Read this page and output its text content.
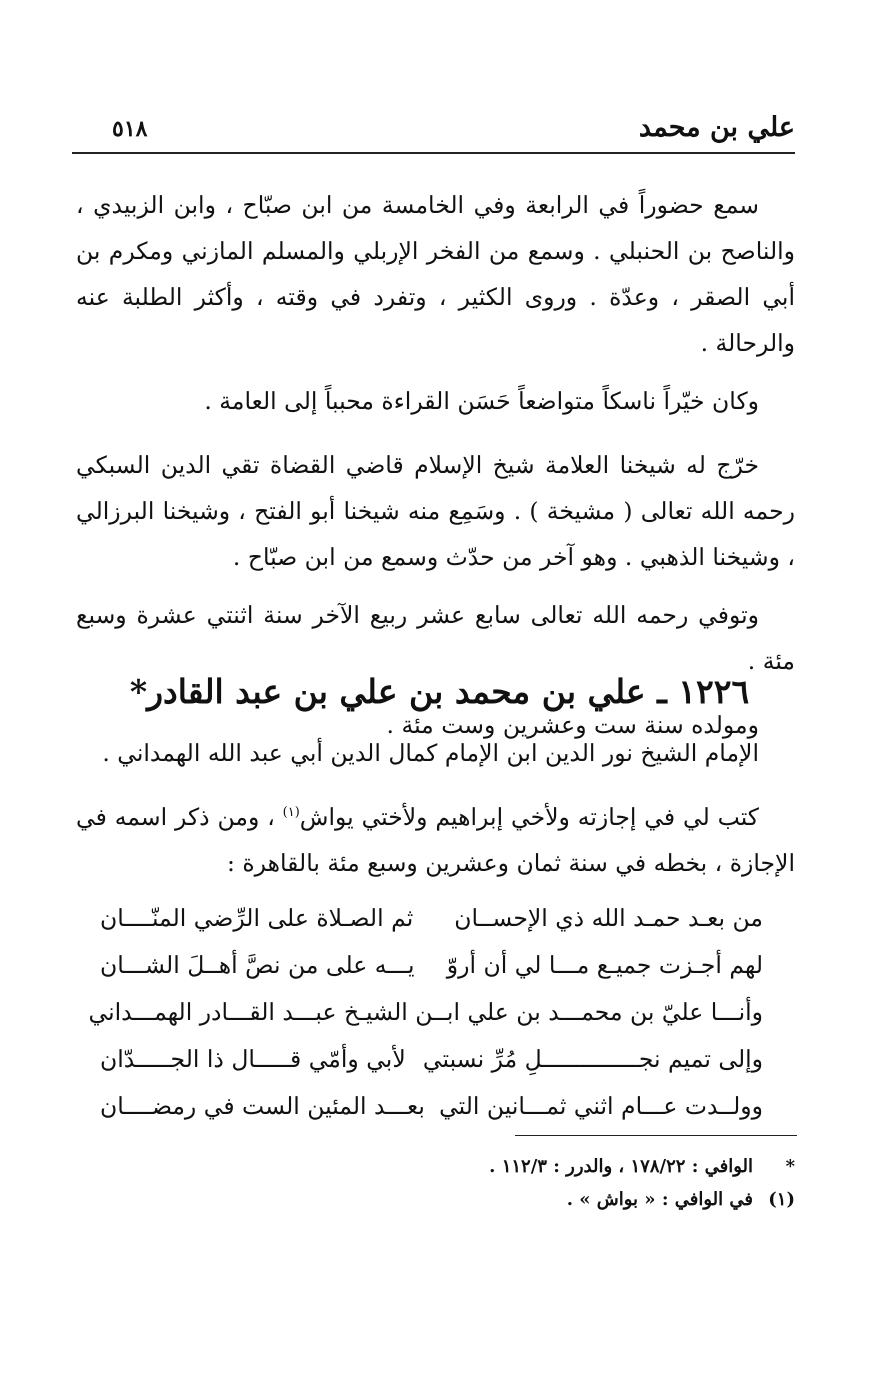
علي بن محمد
٥١٨

سمع حضوراً في الرابعة وفي الخامسة من ابن صبّاح ، وابن الزبيدي ، والناصح بن الحنبلي . وسمع من الفخر الإربلي والمسلم المازني ومكرم بن أبي الصقر ، وعدّة . وروى الكثير ، وتفرد في وقته ، وأكثر الطلبة عنه والرحالة .

وكان خيّراً ناسكاً متواضعاً حَسَن القراءة محبباً إلى العامة .

خرّج له شيخنا العلامة شيخ الإسلام قاضي القضاة تقي الدين السبكي رحمه الله تعالى ( مشيخة ) . وسَمِع منه شيخنا أبو الفتح ، وشيخنا البرزالي ، وشيخنا الذهبي . وهو آخر من حدّث وسمع من ابن صبّاح .

وتوفي رحمه الله تعالى سابع عشر ربيع الآخر سنة اثنتي عشرة وسبع مئة .

ومولده سنة ست وعشرين وست مئة .

١٢٢٦ ـ علي بن محمد بن علي بن عبد القادر*

الإمام الشيخ نور الدين ابن الإمام كمال الدين أبي عبد الله الهمداني .

كتب لي في إجازته ولأخي إبراهيم ولأختي يواش$^{(١)}$ ، ومن ذكر اسمه في الإجازة ، بخطه في سنة ثمان وعشرين وسبع مئة بالقاهرة :

من بعـد حمـد الله ذي الإحســان
ثم الصـلاة على الرِّضي المنّــــان
لهم أجـزت جميـع مـــا لي أن أروّ
يـــه على من نصَّ أهــلَ الشـــان
وأنـــا عليّ بن محمـــد بن علي ابـ
ـن الشيـخ عبـــد القـــادر الهمـــداني
وإلى تميم نجــــــــــــــلِ مُرِّ نسبتي
لأبي وأمّي قـــــال ذا الجـــــدّان
وولــدت عـــام اثني ثمـــانين التي
بعـــد المئين الست في رمضــــان
*
الوافي : ١٧٨/٢٢ ، والدرر : ١١٢/٣ .
(١)
في الوافي : « بواش » .
